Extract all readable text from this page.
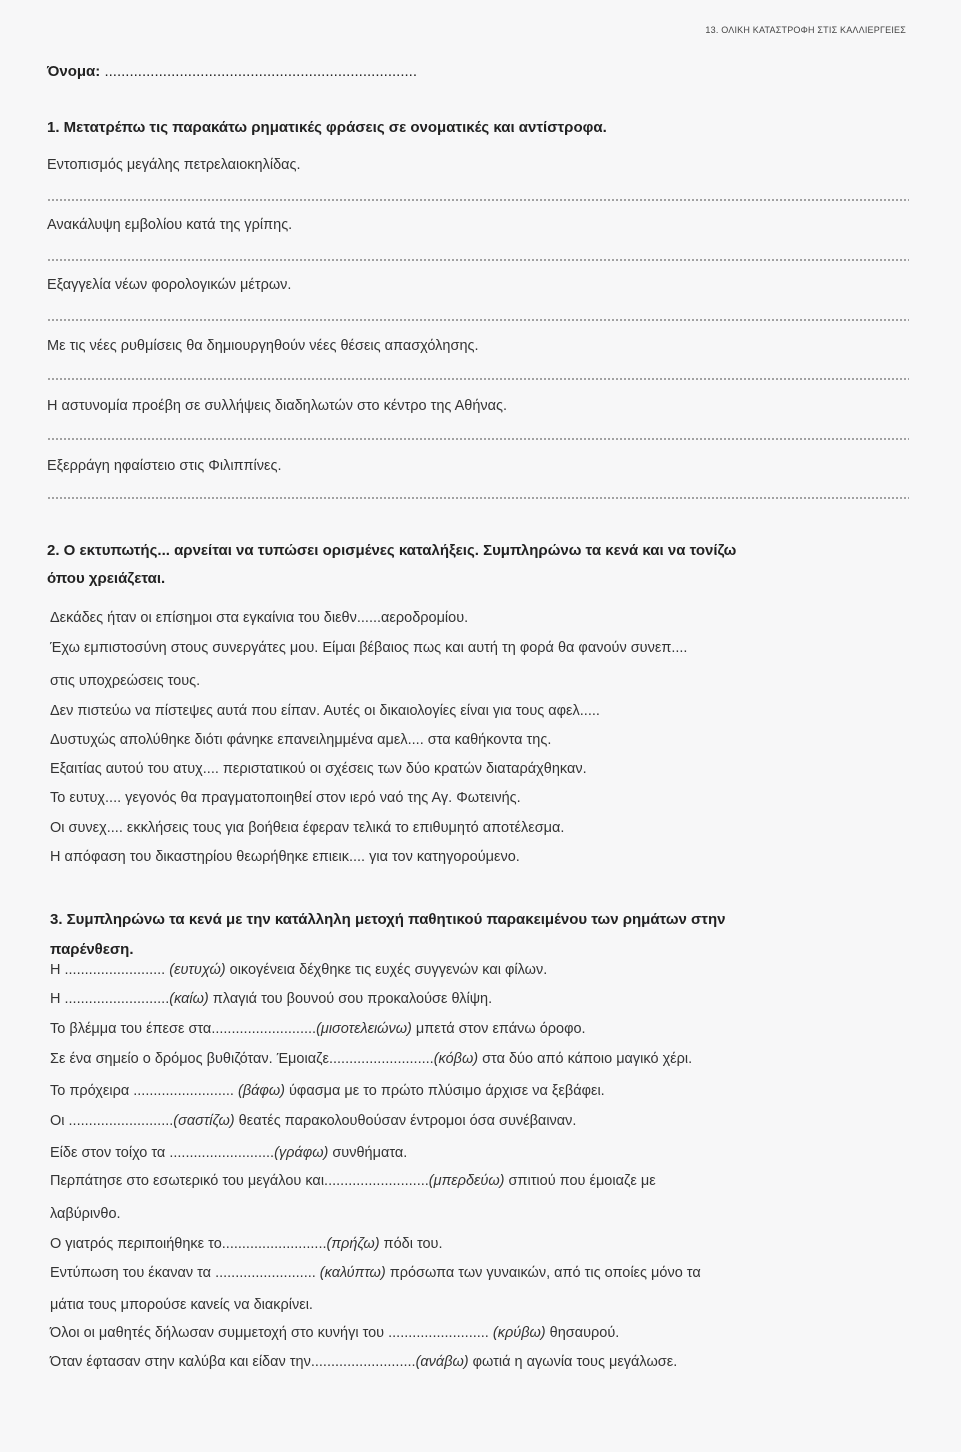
13. ΟΛΙΚΗ ΚΑΤΑΣΤΡΟΦΗ ΣΤΙΣ ΚΑΛΛΙΕΡΓΕΙΕΣ
Όνομα: ...........................................................................
1. Μετατρέπω τις παρακάτω ρηματικές φράσεις σε ονοματικές και αντίστροφα.
Εντοπισμός μεγάλης πετρελαιοκηλίδας.
Ανακάλυψη εμβολίου κατά της γρίπης.
Εξαγγελία νέων φορολογικών μέτρων.
Με τις νέες ρυθμίσεις θα δημιουργηθούν νέες θέσεις απασχόλησης.
Η αστυνομία προέβη σε συλλήψεις διαδηλωτών στο κέντρο της Αθήνας.
Εξερράγη ηφαίστειο στις Φιλιππίνες.
2. Ο εκτυπωτής... αρνείται να τυπώσει ορισμένες καταλήξεις. Συμπληρώνω τα κενά και να τονίζω
όπου χρειάζεται.
Δεκάδες ήταν οι επίσημοι στα εγκαίνια του διεθν......αεροδρομίου.
Έχω εμπιστοσύνη στους συνεργάτες μου. Είμαι βέβαιος πως και αυτή τη φορά θα φανούν συνεπ....
στις υποχρεώσεις τους.
Δεν πιστεύω να πίστεψες αυτά που είπαν. Αυτές οι δικαιολογίες είναι για τους αφελ.....
Δυστυχώς απολύθηκε διότι φάνηκε επανειλημμένα αμελ.... στα καθήκοντα της.
Εξαιτίας αυτού του ατυχ.... περιστατικού οι σχέσεις των δύο κρατών διαταράχθηκαν.
Το ευτυχ.... γεγονός θα πραγματοποιηθεί στον ιερό ναό της Αγ. Φωτεινής.
Οι συνεχ.... εκκλήσεις τους για βοήθεια έφεραν τελικά το επιθυμητό αποτέλεσμα.
Η απόφαση του δικαστηρίου θεωρήθηκε επιεικ.... για τον κατηγορούμενο.
3. Συμπληρώνω τα κενά με την κατάλληλη μετοχή παθητικού παρακειμένου των ρημάτων στην
παρένθεση.
Η ......................... (ευτυχώ) οικογένεια δέχθηκε τις ευχές συγγενών και φίλων.
Η ..........................(καίω) πλαγιά του βουνού σου προκαλούσε θλίψη.
Το βλέμμα του έπεσε στα..........................(μισοτελειώνω) μπετά στον επάνω όροφο.
Σε ένα σημείο ο δρόμος βυθιζόταν. Έμοιαζε..........................(κόβω) στα δύο από κάποιο μαγικό χέρι.
Το πρόχειρα ......................... (βάφω) ύφασμα με το πρώτο πλύσιμο άρχισε να ξεβάφει.
Οι ..........................(σαστίζω) θεατές παρακολουθούσαν έντρομοι όσα συνέβαιναν.
Είδε στον τοίχο τα ..........................(γράφω) συνθήματα.
Περπάτησε στο εσωτερικό του μεγάλου και..........................(μπερδεύω) σπιτιού που έμοιαζε με
λαβύρινθο.
Ο γιατρός περιποιήθηκε το..........................(πρήζω) πόδι του.
Εντύπωση του έκαναν τα ......................... (καλύπτω) πρόσωπα των γυναικών, από τις οποίες μόνο τα
μάτια τους μπορούσε κανείς να διακρίνει.
Όλοι οι μαθητές δήλωσαν συμμετοχή στο κυνήγι του ......................... (κρύβω) θησαυρού.
Όταν έφτασαν στην καλύβα και είδαν την..........................(ανάβω) φωτιά η αγωνία τους μεγάλωσε.
